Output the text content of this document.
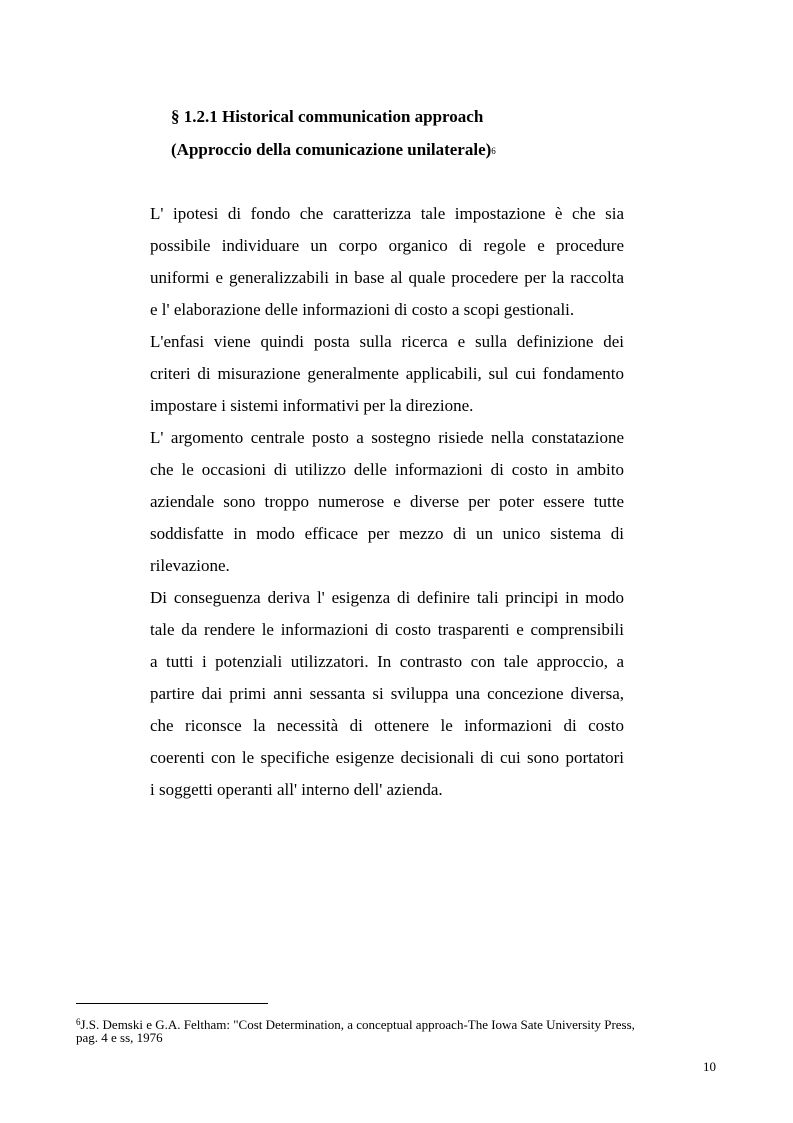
§ 1.2.1 Historical communication approach
(Approccio della comunicazione unilaterale)$^6$
L' ipotesi di fondo che caratterizza tale impostazione è che sia
possibile individuare un corpo organico di regole e procedure
uniformi e generalizzabili in base al quale procedere per la raccolta
e l' elaborazione delle informazioni di costo a scopi gestionali.
L'enfasi viene quindi posta sulla ricerca e sulla definizione dei
criteri di misurazione generalmente applicabili, sul cui fondamento
impostare i sistemi informativi per la direzione.
L' argomento centrale posto a sostegno risiede nella constatazione
che le occasioni di utilizzo delle informazioni di costo in ambito
aziendale sono troppo numerose e diverse per poter essere tutte
soddisfatte in modo efficace per mezzo di un unico sistema di
rilevazione.
Di conseguenza deriva l' esigenza di definire tali principi in modo
tale da rendere le informazioni di costo trasparenti e comprensibili
a tutti i potenziali utilizzatori. In contrasto con tale approccio, a
partire dai primi anni sessanta si sviluppa una concezione diversa,
che riconsce la necessità di ottenere le informazioni di costo
coerenti con le specifiche esigenze decisionali di cui sono portatori
i soggetti operanti all' interno dell' azienda.
$^6$J.S. Demski e G.A. Feltham: "Cost Determination, a conceptual approach-The Iowa Sate University Press,
pag. 4 e ss, 1976
10
